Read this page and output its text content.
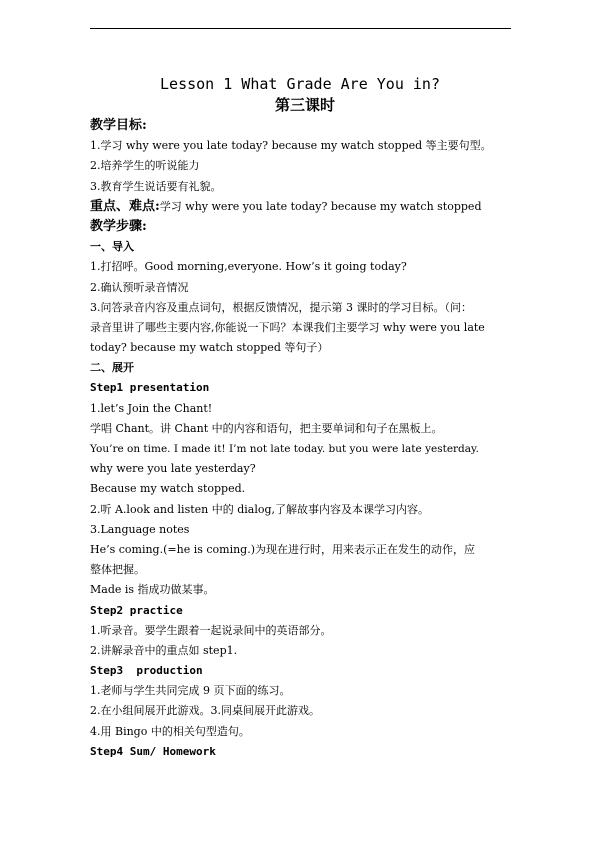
Lesson 1 What Grade Are You in?
第三课时
教学目标:
1.学习 why were you late today? because my watch stopped 等主要句型。
2.培养学生的听说能力
3.教育学生说话要有礼貌。
重点、难点:学习 why were you late today? because my watch stopped
教学步骤:
一、导入
1.打招呼。Good morning,everyone. How’s it going today?
2.确认预听录音情况
3.问答录音内容及重点词句，根据反馈情况，提示第 3 课时的学习目标。（问：
录音里讲了哪些主要内容,你能说一下吗？本课我们主要学习 why were you late
today? because my watch stopped 等句子）
二、展开
Step1 presentation
1.let’s Join the Chant!
学唱 Chant。讲 Chant 中的内容和语句，把主要单词和句子在黑板上。
You’re on time. I made it! I’m not late today. but you were late yesterday.
why were you late yesterday?
Because my watch stopped.
2.听 A.look and listen 中的 dialog,了解故事内容及本课学习内容。
3.Language notes
He’s coming.(=he is coming.)为现在进行时，用来表示正在发生的动作，应
整体把握。
Made is 指成功做某事。
Step2 practice
1.听录音。要学生跟着一起说录间中的英语部分。
2.讲解录音中的重点如 step1.
Step3  production
1.老师与学生共同完成 9 页下面的练习。
2.在小组间展开此游戏。3.同桌间展开此游戏。
4.用 Bingo 中的相关句型造句。
Step4 Sum/ Homework
